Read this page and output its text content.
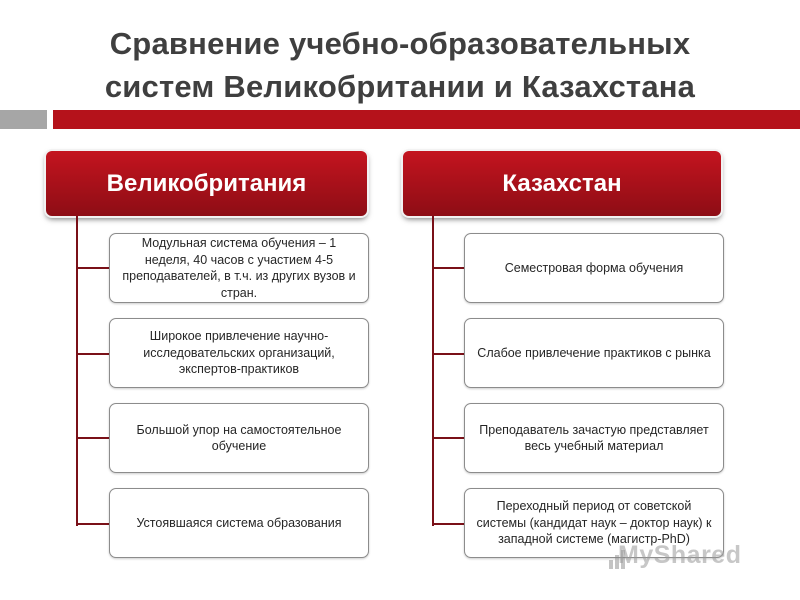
Сравнение учебно-образовательных
систем Великобритании и Казахстана
Великобритания
Модульная система обучения – 1 неделя, 40 часов с участием 4-5 преподавателей, в т.ч. из других вузов и стран.
Широкое привлечение научно-исследовательских организаций, экспертов-практиков
Большой упор на самостоятельное обучение
Устоявшаяся система образования
Казахстан
Семестровая форма обучения
Слабое привлечение практиков с рынка
Преподаватель зачастую представляет весь учебный материал
Переходный период от советской системы (кандидат наук – доктор наук) к западной системе (магистр-PhD)
MyShared
